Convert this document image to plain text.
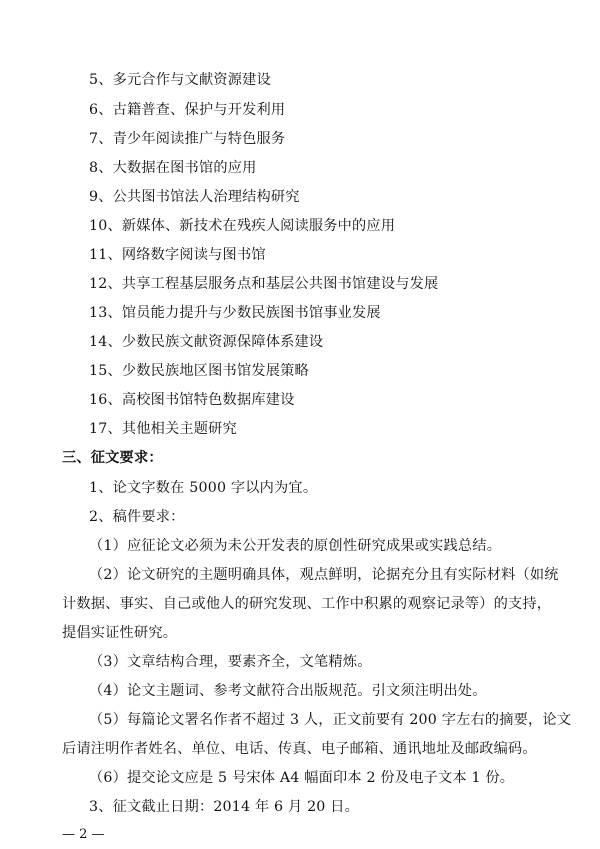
5、多元合作与文献资源建设
6、古籍普查、保护与开发利用
7、青少年阅读推广与特色服务
8、大数据在图书馆的应用
9、公共图书馆法人治理结构研究
10、新媒体、新技术在残疾人阅读服务中的应用
11、网络数字阅读与图书馆
12、共享工程基层服务点和基层公共图书馆建设与发展
13、馆员能力提升与少数民族图书馆事业发展
14、少数民族文献资源保障体系建设
15、少数民族地区图书馆发展策略
16、高校图书馆特色数据库建设
17、其他相关主题研究
三、征文要求：
1、论文字数在 5000 字以内为宜。
2、稿件要求：
（1）应征论文必须为未公开发表的原创性研究成果或实践总结。
（2）论文研究的主题明确具体，观点鲜明，论据充分且有实际材料（如统
计数据、事实、自己或他人的研究发现、工作中积累的观察记录等）的支持，
提倡实证性研究。
（3）文章结构合理，要素齐全，文笔精炼。
（4）论文主题词、参考文献符合出版规范。引文须注明出处。
（5）每篇论文署名作者不超过 3 人，正文前要有 200 字左右的摘要，论文
后请注明作者姓名、单位、电话、传真、电子邮箱、通讯地址及邮政编码。
（6）提交论文应是 5 号宋体 A4 幅面印本 2 份及电子文本 1 份。
3、征文截止日期：2014 年 6 月 20 日。
— 2 —
